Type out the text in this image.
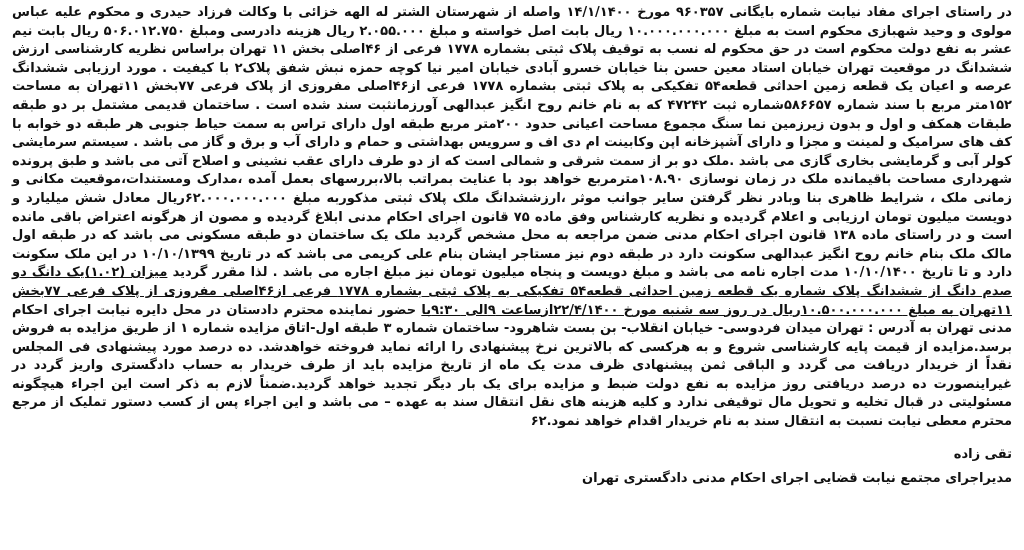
در راستای اجرای مفاد نیابت شماره بایگانی ۹۶۰۳۵۷ مورخ ۱۴/۱/۱۴۰۰ واصله از شهرستان الشتر له الهه خزائی با وکالت فرزاد حیدری و محکوم علیه عباس مولوی و وحید شهبازی محکوم است به مبلغ ۱۰.۰۰۰.۰۰۰.۰۰۰ ریال بابت اصل خواسته و مبلغ ۲.۰۵۵.۰۰۰ ریال هزینه دادرسی ومبلغ ۵۰۶.۰۱۲.۷۵۰ ریال بابت نیم عشر به نفع دولت محکوم است در حق محکوم له نسب به توقیف پلاک ثبتی بشماره ۱۷۷۸ فرعی از ۴۶اصلی بخش ۱۱ تهران براساس نظریه کارشناسی ارزش ششدانگ در موقعیت تهران خیابان استاد معین حسن بنا خیابان خسرو آبادی خیابان امیر نیا کوچه حمزه نبش شفق پلاک۲ با کیفیت . مورد ارزیابی ششدانگ عرصه و اعیان یک قطعه زمین احداثی قطعه۵۴ تفکیکی به پلاک ثبتی بشماره ۱۷۷۸ فرعی از۴۶اصلی مفروزی از پلاک فرعی ۷۷بخش ۱۱تهران به مساحت ۱۵۲متر مربع با سند شماره ۵۸۶۶۵۷شماره ثبت ۴۷۲۴۲ که به نام خانم روح انگیز عبدالهی آورزمانثبت سند شده است . ساختمان قدیمی مشتمل بر دو طبقه طبقات همکف و اول و بدون زیرزمین نما سنگ مجموع مساحت اعیانی حدود ۲۰۰متر مربع طبقه اول دارای تراس به سمت حیاط جنوبی هر طبقه دو خوابه با کف های سرامیک و لمینت و مجزا و دارای آشپزخانه اپن وکابینت ام دی اف و سرویس بهداشتی و حمام و دارای آب و برق و گاز می باشد . سیستم سرمایشی کولر آبی و گرمایشی بخاری گازی می باشد .ملک دو بر از سمت شرقی و شمالی است که از دو طرف دارای عقب نشینی و اصلاح آتی می باشد و طبق پرونده شهرداری مساحت باقیمانده ملک در زمان نوسازی ۱۰۸.۹۰مترمربع خواهد بود با عنایت بمراتب بالا،بررسهای بعمل آمده ،مدارک ومستندات،موقعیت مکانی و زمانی ملک ، شرایط ظاهری بنا وبادر نظر گرفتن سایر جوانب موثر ،ارزششدانگ ملک پلاک ثبتی مذکوربه مبلغ ۶۲.۰۰۰.۰۰۰.۰۰۰ریال معادل شش میلیارد و دویست میلیون تومان ارزیابی و اعلام گردیده و نظریه کارشناس وفق ماده ۷۵ قانون اجرای احکام مدنی ابلاغ گردیده و مصون از هرگونه اعتراض باقی مانده است و در راستای ماده ۱۳۸ قانون اجرای احکام مدنی ضمن مراجعه به محل مشخص گردید ملک یک ساختمان دو طبقه مسکونی می باشد که در طبقه اول مالک ملک بنام خانم روح انگیز عبدالهی سکونت دارد در طبقه دوم نیز مستاجر ایشان بنام علی کریمی می باشد که در تاریخ ۱۰/۱۰/۱۳۹۹ در این ملک سکونت دارد و تا تاریخ ۱۰/۱۰/۱۴۰۰ مدت اجاره نامه می باشد و مبلغ دویست و پنجاه میلیون تومان نیز مبلغ اجاره می باشد . لذا مقرر گردید میزان (۱.۰۲)یک دانگ دو صدم دانگ از ششدانگ پلاک شماره یک قطعه زمین احداثی قطعه۵۴ تفکیکی به پلاک ثبتی بشماره ۱۷۷۸ فرعی از۴۶اصلی مفروزی از پلاک فرعی ۷۷بخش ۱۱تهران به مبلغ ۱۰.۵۰۰.۰۰۰.۰۰۰ریال در روز سه شنبه مورخ ۲۲/۴/۱۴۰۰ازساعت ۹الی ۹:۳۰با حضور نماینده محترم دادستان در محل دایره نیابت اجرای احکام مدنی تهران به آدرس : تهران میدان فردوسی- خیابان انقلاب- بن بست شاهرود- ساختمان شماره ۳ طبقه اول-اتاق مزایده شماره ۱ از طریق مزایده به فروش برسد.مزایده از قیمت پایه کارشناسی شروع و به هرکسی که بالاترین نرخ پیشنهادی را ارائه نماید فروخته خواهدشد. ده درصد مورد پیشنهادی فی المجلس نقداً از خریدار دریافت می گردد و الباقی ثمن پیشنهادی ظرف مدت یک ماه از تاریخ مزایده باید از طرف خریدار به حساب دادگستری واریز گردد در غیراینصورت ده درصد دریافتی روز مزایده به نفع دولت ضبط و مزایده برای یک بار دیگر تجدید خواهد گردید.ضمناً لازم به ذکر است این اجراء هیچگونه مسئولیتی در قبال تخلیه و تحویل مال توقیفی ندارد و کلیه هزینه های نقل انتقال سند به عهده – می باشد و این اجراء پس از کسب دستور تملیک از مرجع محترم معطی نیابت نسبت به انتقال سند به نام خریدار اقدام خواهد نمود.۶۲

تقی زاده
مدیراجرای مجتمع نیابت قضایی اجرای احکام مدنی دادگستری تهران
